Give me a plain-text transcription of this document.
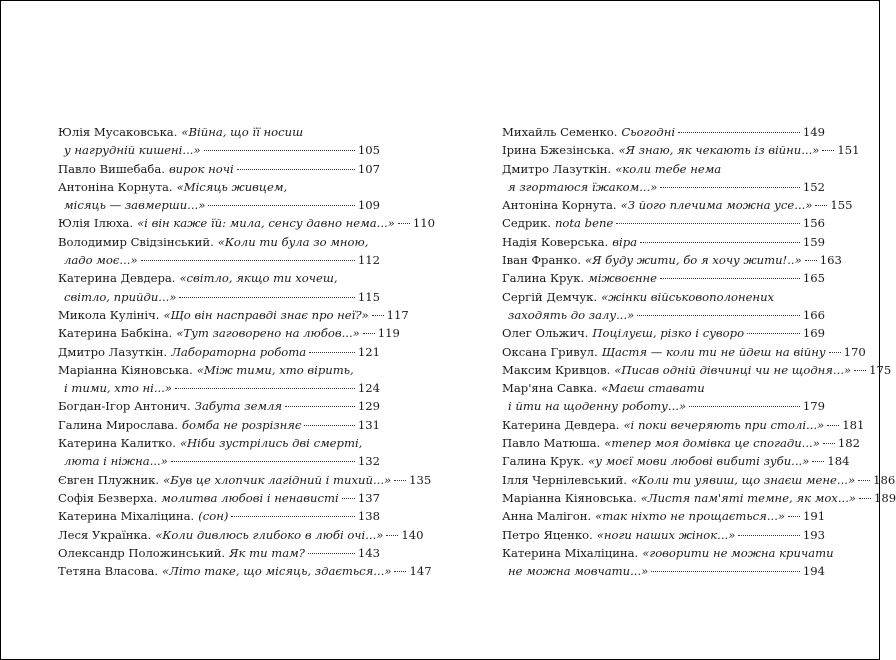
Юлія Мусаковська. «Війна, що її носиш
у нагрудній кишені...»	105
Павло Вишебаба. вирок ночі	107
Антоніна Корнута. «Місяць живцем,
місяць — завмерши...»	109
Юлія Ілюха. «і він каже їй: мила, сенсу давно нема...» 110
Володимир Свідзінський. «Коли ти була зо мною,
ладо моє...»	112
Катерина Девдера. «світло, якщо ти хочеш,
світло, прийди...»	115
Микола Кулініч. «Що він насправді знає про неї?» 117
Катерина Бабкіна. «Тут заговорено на любов...» 119
Дмитро Лазуткін. Лабораторна робота	121
Маріанна Кіяновська. «Між тими, хто вірить,
і тими, хто ні...»	124
Богдан-Ігор Антонич. Забута земля	129
Галина Мирослава. бомба не розрізняє	131
Катерина Калитко. «Ніби зустрілись дві смерті,
люта і ніжна...»	132
Євген Плужник. «Був це хлопчик лагідний і тихий...» 135
Софія Безверха. молитва любові і ненависті 137
Катерина Міхаліцина. (сон)	138
Леся Українка. «Коли дивлюсь глибоко в любі очі...» 140
Олександр Положинський. Як ти там?	143
Тетяна Власова. «Літо таке, що місяць, здається...» 147
Михайль Семенко. Сьогодні	149
Ірина Бжезінська. «Я знаю, як чекають із війни...» 151
Дмитро Лазуткін. «коли тебе нема
я згортаюся їжаком...»	152
Антоніна Корнута. «З його плечима можна усе...» 155
Седрик. nota bene	156
Надія Коверська. віра	159
Іван Франко. «Я буду жити, бо я хочу жити!..» 163
Галина Крук. міжвоєнне	165
Сергій Демчук. «жінки військовополонених
заходять до залу...»	166
Олег Ольжич. Поцілуєш, різко і суворо	169
Оксана Гривул. Щастя — коли ти не йдеш на війну 170
Максим Кривцов. «Писав одній дівчинці чи не щодня...» 175
Мар'яна Савка. «Маєш ставати
і йти на щоденну роботу...»	179
Катерина Девдера. «і поки вечеряють при столі...» 181
Павло Матюша. «тепер моя домівка це спогади...» 182
Галина Крук. «у моєї мови любові вибиті зуби...» 184
Ілля Чернілевський. «Коли ти уявиш, що знаєш мене...» 186
Маріанна Кіяновська. «Листя пам'яті темне, як мох...» 189
Анна Малігон. «так ніхто не прощається...» 191
Петро Яценко. «ноги наших жінок...»	193
Катерина Міхаліцина. «говорити не можна кричати
не можна мовчати...»	194
